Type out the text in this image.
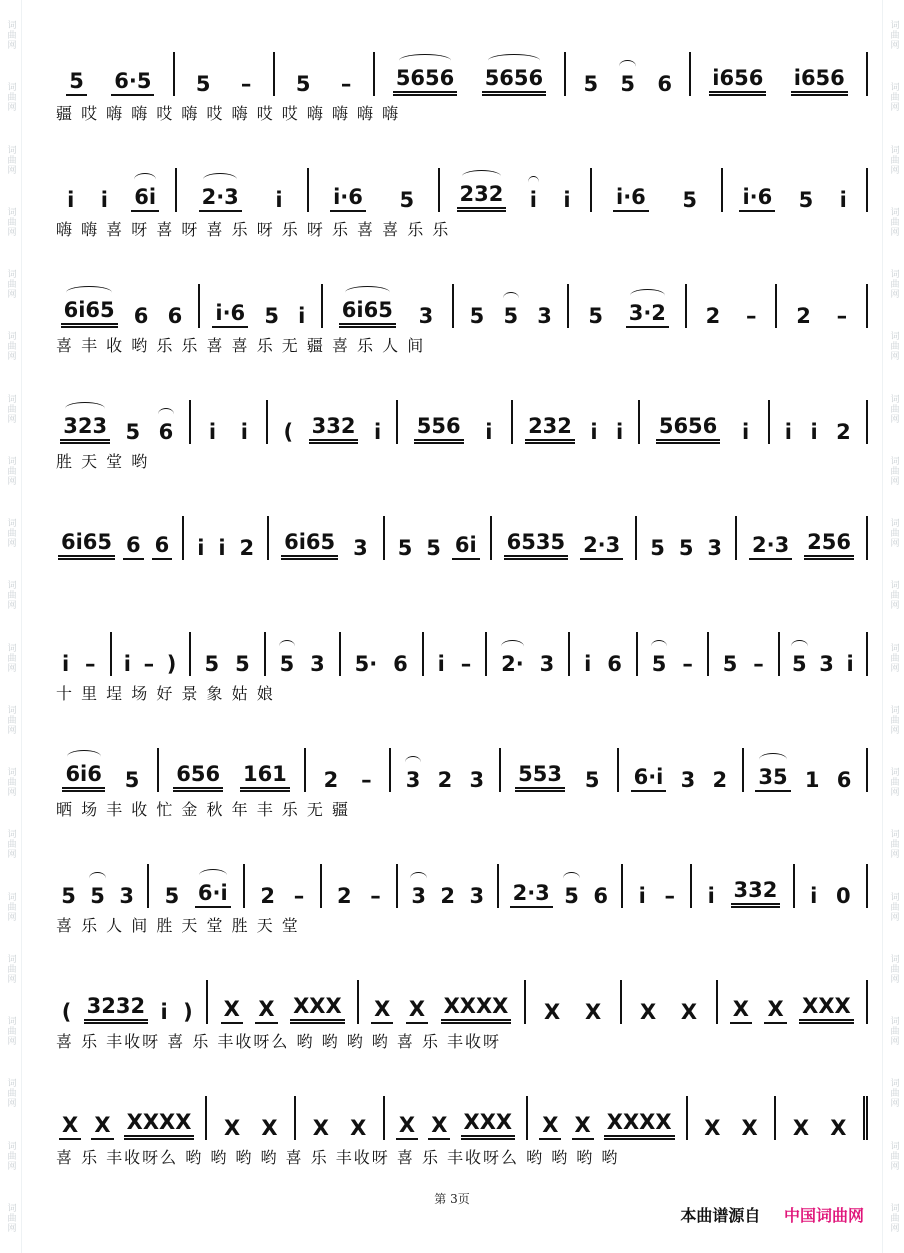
词曲网
词曲网
词曲网
词曲网
词曲网
词曲网
词曲网
词曲网
词曲网
词曲网
词曲网
词曲网
词曲网
词曲网
词曲网
词曲网
词曲网
词曲网
词曲网
词曲网
词曲网
词曲网
词曲网
词曲网
词曲网
词曲网
词曲网
词曲网
词曲网
词曲网
词曲网
词曲网
词曲网
词曲网
词曲网
词曲网
词曲网
词曲网
词曲网
词曲网
5 6·5 5 – 5 – 5656 5656 5 5 6 i656 i656
疆 哎 嗨 嗨 哎 嗨 哎 嗨 哎 哎 嗨 嗨 嗨 嗨
i i 6i 2·3 i i·6 5 232 i i i·6 5 i·6 5 i
嗨 嗨 喜 呀 喜 呀 喜 乐 呀 乐 呀 乐 喜 喜 乐 乐
6i65 6 6 i·6 5 i 6i65 3 5 5 3 5 3·2 2 – 2 –
喜 丰 收 哟 乐 乐 喜 喜 乐 无 疆 喜 乐 人 间
323 5 6 i i ( 332 i 556 i 232 i i 5656 i i i 2
胜 天 堂 哟
6i65 6 6 i i 2 6i65 3 5 5 6i 6535 2·3 5 5 3 2·3 256
i – i – ) 5 5 5 3 5· 6 i – 2· 3 i 6 5 – 5 – 5 3 i
十 里 埕 场 好 景 象 姑 娘
6i6 5 656 161 2 – 3 2 3 553 5 6·i 3 2 35 1 6
晒 场 丰 收 忙 金 秋 年 丰 乐 无 疆
5 5 3 5 6·i 2 – 2 – 3 2 3 2·3 5 6 i – i 332 i 0
喜 乐 人 间 胜 天 堂 胜 天 堂
( 3232 i ) X X XXX X X XXXX X X X X X X XXX
喜 乐 丰收呀 喜 乐 丰收呀么 哟 哟 哟 哟 喜 乐 丰收呀
X X XXXX X X X X X X XXX X X XXXX X X X X
喜 乐 丰收呀么 哟 哟 哟 哟 喜 乐 丰收呀 喜 乐 丰收呀么 哟 哟 哟 哟
第 3页
本曲谱源自 中国词曲网
